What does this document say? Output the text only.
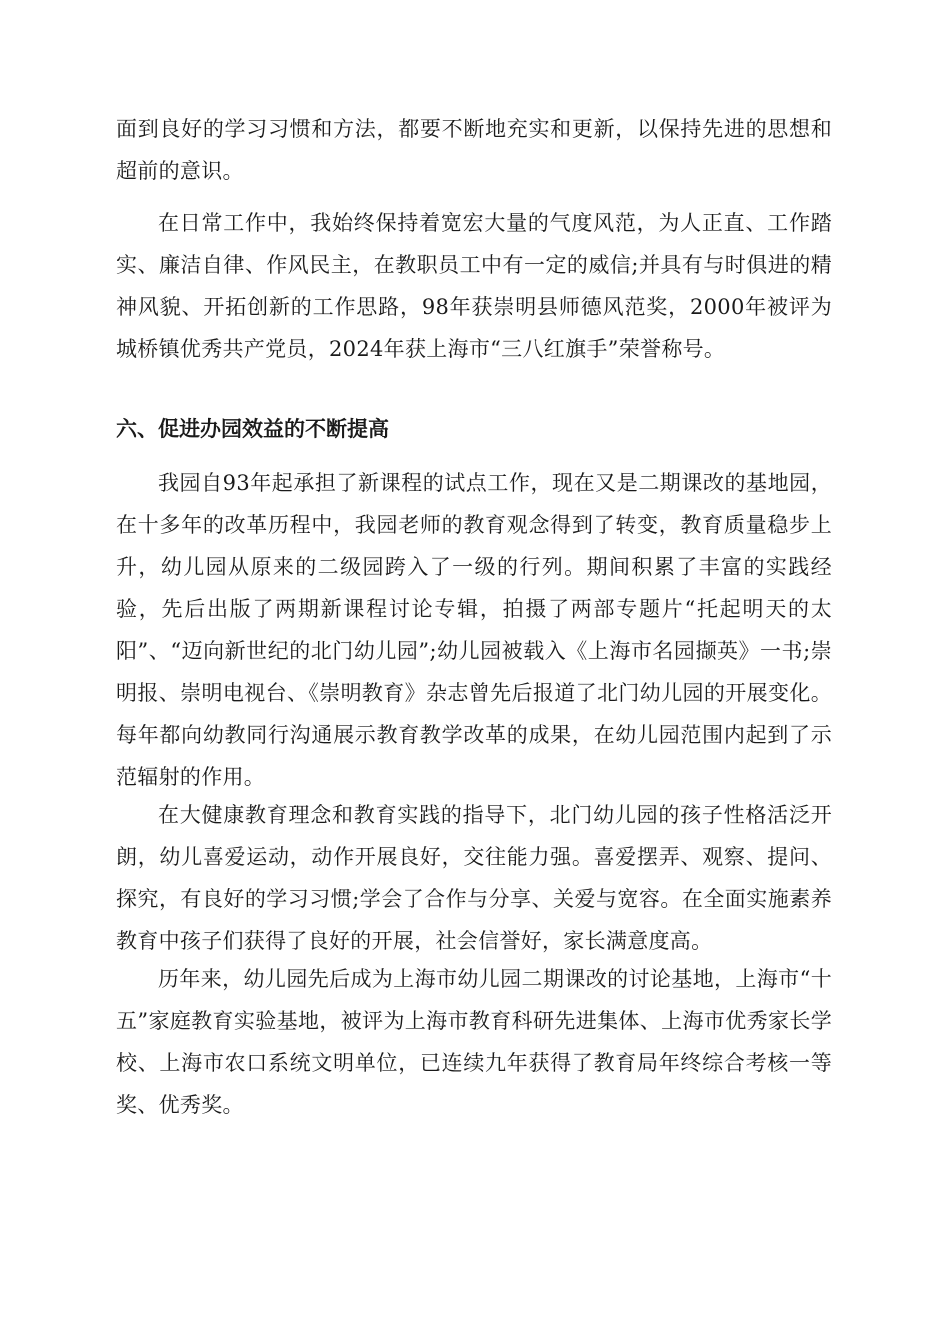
面到良好的学习习惯和方法，都要不断地充实和更新，以保持先进的思想和超前的意识。

在日常工作中，我始终保持着宽宏大量的气度风范，为人正直、工作踏实、廉洁自律、作风民主，在教职员工中有一定的威信;并具有与时俱进的精神风貌、开拓创新的工作思路，98年获崇明县师德风范奖，2000年被评为城桥镇优秀共产党员，2024年获上海市“三八红旗手”荣誉称号。

六、促进办园效益的不断提高

我园自93年起承担了新课程的试点工作，现在又是二期课改的基地园，在十多年的改革历程中，我园老师的教育观念得到了转变，教育质量稳步上升，幼儿园从原来的二级园跨入了一级的行列。期间积累了丰富的实践经验，先后出版了两期新课程讨论专辑，拍摄了两部专题片“托起明天的太阳”、“迈向新世纪的北门幼儿园”;幼儿园被载入《上海市名园撷英》一书;崇明报、崇明电视台、《崇明教育》杂志曾先后报道了北门幼儿园的开展变化。每年都向幼教同行沟通展示教育教学改革的成果，在幼儿园范围内起到了示范辐射的作用。

在大健康教育理念和教育实践的指导下，北门幼儿园的孩子性格活泛开朗，幼儿喜爱运动，动作开展良好，交往能力强。喜爱摆弄、观察、提问、探究，有良好的学习习惯;学会了合作与分享、关爱与宽容。在全面实施素养教育中孩子们获得了良好的开展，社会信誉好，家长满意度高。

历年来，幼儿园先后成为上海市幼儿园二期课改的讨论基地，上海市“十五”家庭教育实验基地，被评为上海市教育科研先进集体、上海市优秀家长学校、上海市农口系统文明单位，已连续九年获得了教育局年终综合考核一等奖、优秀奖。
